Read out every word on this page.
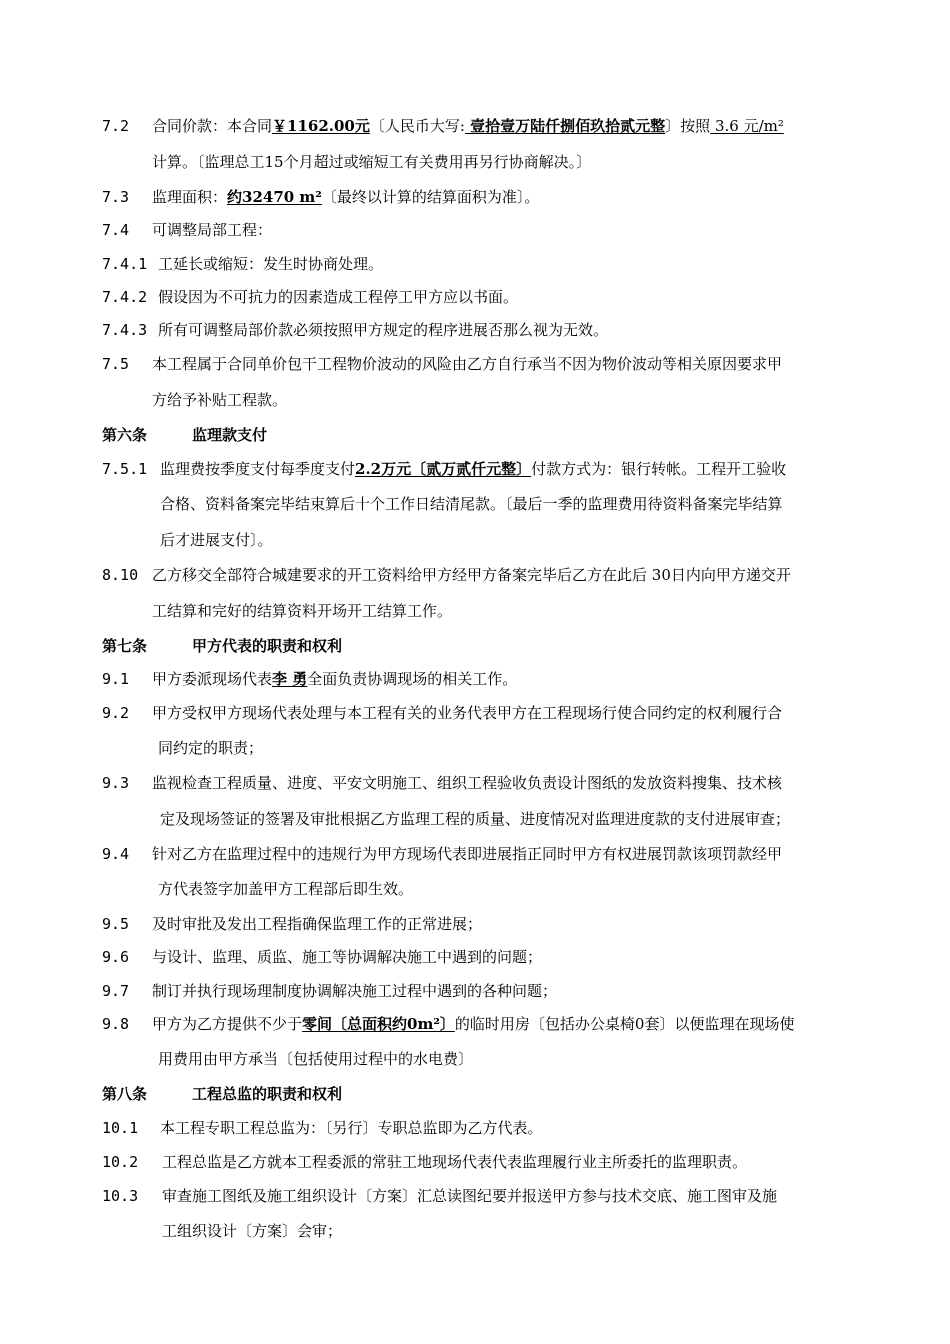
7.2 合同价款：本合同￥1162.00元〔人民币大写: 壹拾壹万陆仟捌佰玖拾贰元整〕按照 3.6 元/m²
计算。〔监理总工15个月超过或缩短工有关费用再另行协商解决。〕
7.3 监理面积：约32470 m²〔最终以计算的结算面积为准〕。
7.4 可调整局部工程：
7.4.1 工延长或缩短：发生时协商处理。
7.4.2 假设因为不可抗力的因素造成工程停工甲方应以书面。
7.4.3 所有可调整局部价款必须按照甲方规定的程序进展否那么视为无效。
7.5 本工程属于合同单价包干工程物价波动的风险由乙方自行承当不因为物价波动等相关原因要求甲
方给予补贴工程款。
第六条	监理款支付
7.5.1 监理费按季度支付每季度支付2.2万元〔贰万贰仟元整〕付款方式为：银行转帐。工程开工验收
合格、资料备案完毕结束算后十个工作日结清尾款。〔最后一季的监理费用待资料备案完毕结算
后才进展支付〕。
8.10 乙方移交全部符合城建要求的开工资料给甲方经甲方备案完毕后乙方在此后 30日内向甲方递交开
工结算和完好的结算资料开场开工结算工作。
第七条	甲方代表的职责和权利
9.1 甲方委派现场代表李 勇全面负责协调现场的相关工作。
9.2 甲方受权甲方现场代表处理与本工程有关的业务代表甲方在工程现场行使合同约定的权利履行合
同约定的职责；
9.3 监视检查工程质量、进度、平安文明施工、组织工程验收负责设计图纸的发放资料搜集、技术核
定及现场签证的签署及审批根据乙方监理工程的质量、进度情况对监理进度款的支付进展审查；
9.4 针对乙方在监理过程中的违规行为甲方现场代表即进展指正同时甲方有权进展罚款该项罚款经甲
方代表签字加盖甲方工程部后即生效。
9.5 及时审批及发出工程指确保监理工作的正常进展；
9.6 与设计、监理、质监、施工等协调解决施工中遇到的问题；
9.7 制订并执行现场理制度协调解决施工过程中遇到的各种问题；
9.8 甲方为乙方提供不少于零间〔总面积约0m²〕的临时用房〔包括办公桌椅0套〕以便监理在现场使
用费用由甲方承当〔包括使用过程中的水电费〕
第八条	工程总监的职责和权利
10.1 本工程专职工程总监为：〔另行〕专职总监即为乙方代表。
10.2 工程总监是乙方就本工程委派的常驻工地现场代表代表监理履行业主所委托的监理职责。
10.3 审查施工图纸及施工组织设计〔方案〕汇总读图纪要并报送甲方参与技术交底、施工图审及施
工组织设计〔方案〕会审；
